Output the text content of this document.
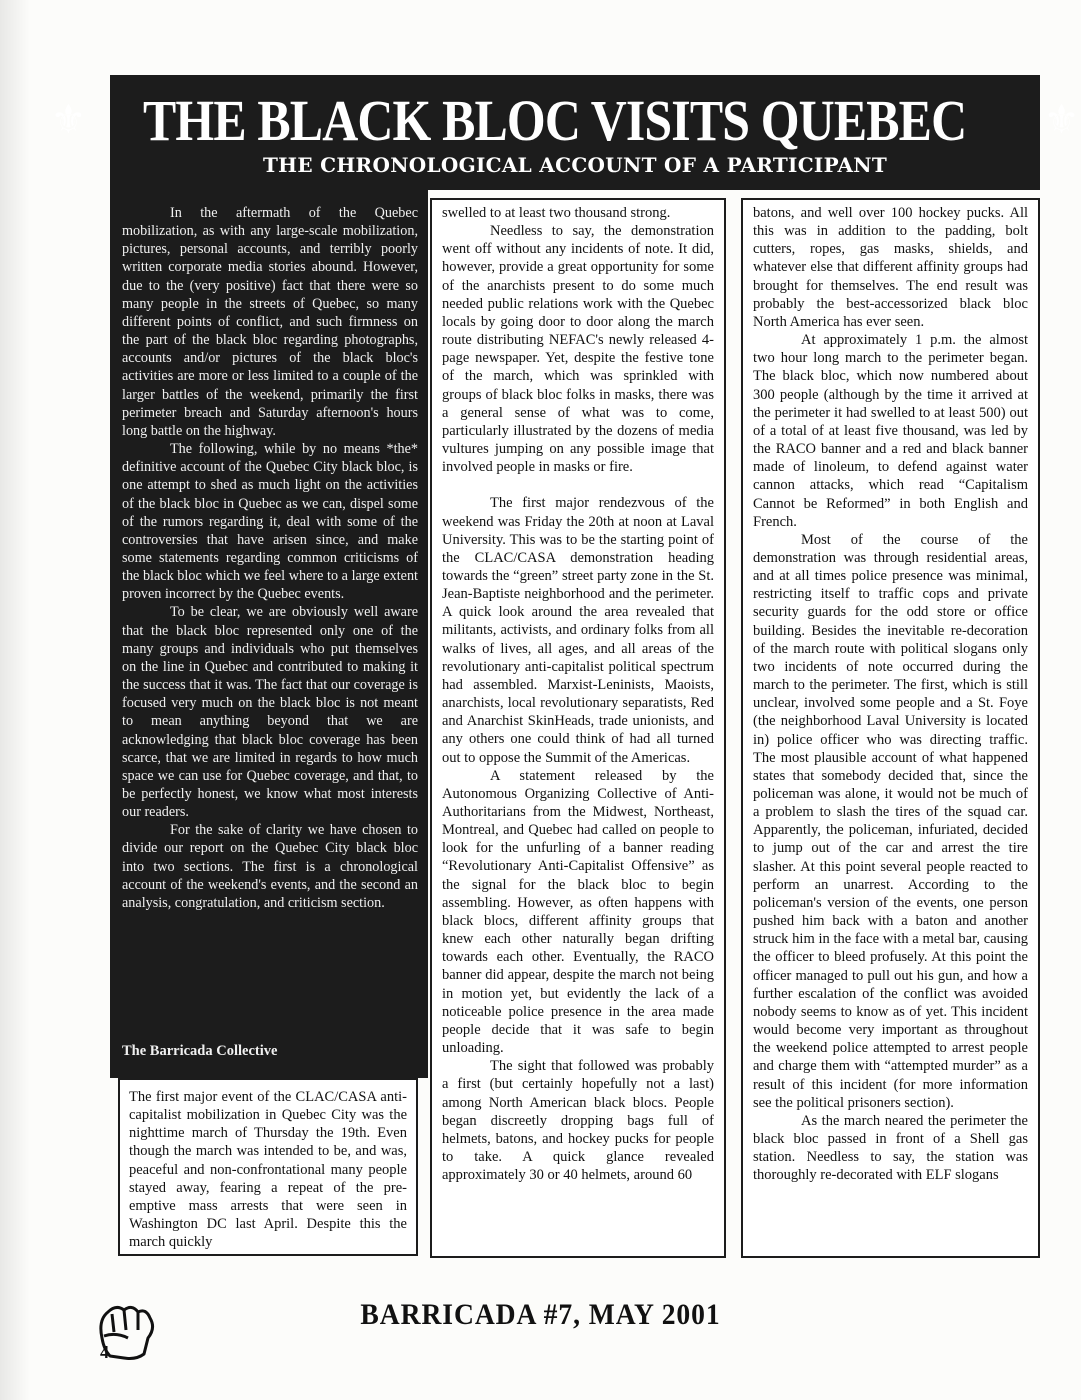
⚜ THE BLACK BLOC VISITS QUEBEC ⚜
THE CHRONOLOGICAL ACCOUNT OF A PARTICIPANT

In the aftermath of the Quebec mobilization, as with any large-scale mobilization, pictures, personal accounts, and terribly poorly written corporate media stories abound. However, due to the (very positive) fact that there were so many people in the streets of Quebec, so many different points of conflict, and such firmness on the part of the black bloc regarding photographs, accounts and/or pictures of the black bloc's activities are more or less limited to a couple of the larger battles of the weekend, primarily the first perimeter breach and Saturday afternoon's hours long battle on the highway.

The following, while by no means *the* definitive account of the Quebec City black bloc, is one attempt to shed as much light on the activities of the black bloc in Quebec as we can, dispel some of the rumors regarding it, deal with some of the controversies that have arisen since, and make some statements regarding common criticisms of the black bloc which we feel where to a large extent proven incorrect by the Quebec events.

To be clear, we are obviously well aware that the black bloc represented only one of the many groups and individuals who put themselves on the line in Quebec and contributed to making it the success that it was. The fact that our coverage is focused very much on the black bloc is not meant to mean anything beyond that we are acknowledging that black bloc coverage has been scarce, that we are limited in regards to how much space we can use for Quebec coverage, and that, to be perfectly honest, we know what most interests our readers.

For the sake of clarity we have chosen to divide our report on the Quebec City black bloc into two sections. The first is a chronological account of the weekend's events, and the second an analysis, congratulation, and criticism section.

The Barricada Collective

The first major event of the CLAC/CASA anti-capitalist mobilization in Quebec City was the nighttime march of Thursday the 19th. Even though the march was intended to be, and was, peaceful and non-confrontational many people stayed away, fearing a repeat of the pre-emptive mass arrests that were seen in Washington DC last April. Despite this the march quickly

swelled to at least two thousand strong.

Needless to say, the demonstration went off without any incidents of note. It did, however, provide a great opportunity for some of the anarchists present to do some much needed public relations work with the Quebec locals by going door to door along the march route distributing NEFAC's newly released 4-page newspaper. Yet, despite the festive tone of the march, which was sprinkled with groups of black bloc folks in masks, there was a general sense of what was to come, particularly illustrated by the dozens of media vultures jumping on any possible image that involved people in masks or fire.

The first major rendezvous of the weekend was Friday the 20th at noon at Laval University. This was to be the starting point of the CLAC/CASA demonstration heading towards the “green” street party zone in the St. Jean-Baptiste neighborhood and the perimeter. A quick look around the area revealed that militants, activists, and ordinary folks from all walks of lives, all ages, and all areas of the revolutionary anti-capitalist political spectrum had assembled. Marxist-Leninists, Maoists, anarchists, local revolutionary separatists, Red and Anarchist SkinHeads, trade unionists, and any others one could think of had all turned out to oppose the Summit of the Americas.

A statement released by the Autonomous Organizing Collective of Anti-Authoritarians from the Midwest, Northeast, Montreal, and Quebec had called on people to look for the unfurling of a banner reading “Revolutionary Anti-Capitalist Offensive” as the signal for the black bloc to begin assembling. However, as often happens with black blocs, different affinity groups that knew each other naturally began drifting towards each other. Eventually, the RACO banner did appear, despite the march not being in motion yet, but evidently the lack of a noticeable police presence in the area made people decide that it was safe to begin unloading.

The sight that followed was probably a first (but certainly hopefully not a last) among North American black blocs. People began discreetly dropping bags full of helmets, batons, and hockey pucks for people to take. A quick glance revealed approximately 30 or 40 helmets, around 60

batons, and well over 100 hockey pucks. All this was in addition to the padding, bolt cutters, ropes, gas masks, shields, and whatever else that different affinity groups had brought for themselves. The end result was probably the best-accessorized black bloc North America has ever seen.

At approximately 1 p.m. the almost two hour long march to the perimeter began. The black bloc, which now numbered about 300 people (although by the time it arrived at the perimeter it had swelled to at least 500) out of a total of at least five thousand, was led by the RACO banner and a red and black banner made of linoleum, to defend against water cannon attacks, which read “Capitalism Cannot be Reformed” in both English and French.

Most of the course of the demonstration was through residential areas, and at all times police presence was minimal, restricting itself to traffic cops and private security guards for the odd store or office building. Besides the inevitable re-decoration of the march route with political slogans only two incidents of note occurred during the march to the perimeter. The first, which is still unclear, involved some people and a St. Foye (the neighborhood Laval University is located in) police officer who was directing traffic. The most plausible account of what happened states that somebody decided that, since the policeman was alone, it would not be much of a problem to slash the tires of the squad car. Apparently, the policeman, infuriated, decided to jump out of the car and arrest the tire slasher. At this point several people reacted to perform an unarrest. According to the policeman's version of the events, one person pushed him back with a baton and another struck him in the face with a metal bar, causing the officer to bleed profusely. At this point the officer managed to pull out his gun, and how a further escalation of the conflict was avoided nobody seems to know as of yet. This incident would become very important as throughout the weekend police attempted to arrest people and charge them with “attempted murder” as a result of this incident (for more information see the political prisoners section).

As the march neared the perimeter the black bloc passed in front of a Shell gas station. Needless to say, the station was thoroughly re-decorated with ELF slogans

4
BARRICADA #7, MAY 2001
